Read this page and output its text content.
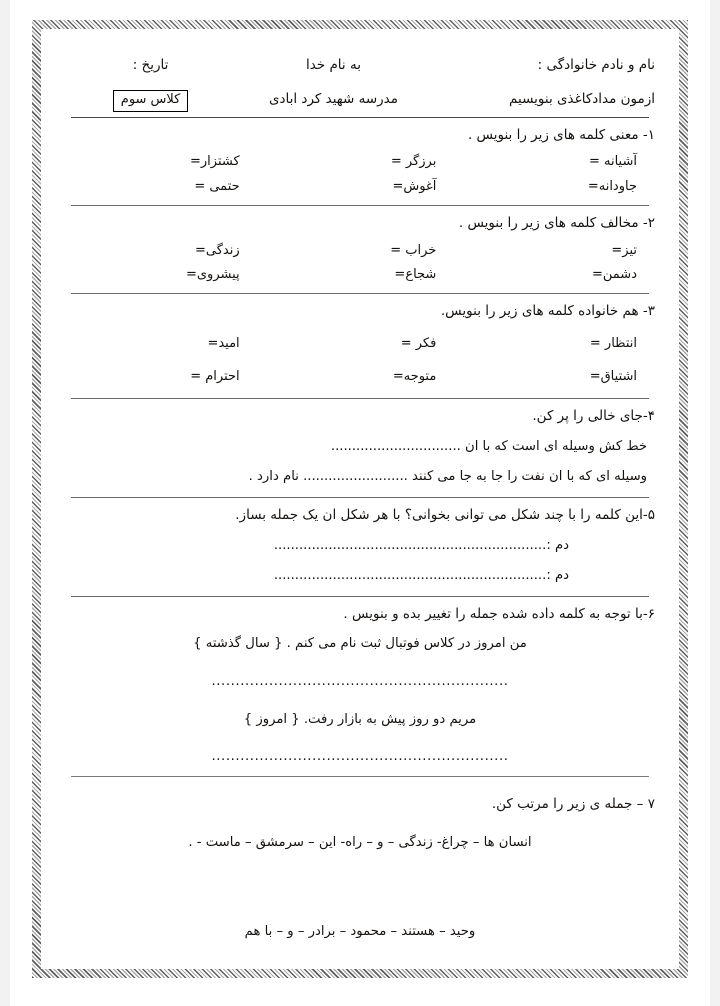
نام و نادم خانوادگی :
به نام خدا
تاریخ :
ازمون مدادکاغذی بنویسیم
مدرسه شهید کرد ابادی
کلاس سوم
١- معنی کلمه های زیر را بنویس .
آشیانه =
برزگر =
کشتزار=
جاودانه=
آغوش=
حتمی =
٢- مخالف کلمه های زیر را بنویس .
تیز=
خراب =
زندگی=
دشمن=
شجاع=
پیشروی=
٣- هم خانواده کلمه های زیر را بنویس.
انتظار =
فکر =
امید=
اشتیاق=
متوجه=
احترام =
۴-جای خالی را پر کن.
خط کش وسیله ای است که با ان ...............................
وسیله ای که با ان نفت را جا به جا می کنند ......................... نام دارد .
۵-این کلمه را با چند شکل می توانی بخوانی؟ با هر شکل ان یک جمله بساز.
دم :.................................................................
دم :.................................................................
۶-با توجه به کلمه داده شده جمله را تغییر بده و بنویس .
من امروز در کلاس فوتبال ثبت نام می کنم . { سال گذشته }
..............................................................
مریم دو روز پیش به بازار رفت. { امروز }
..............................................................
٧ – جمله ی زیر را مرتب کن.
انسان ها – چراغ- زندگی – و – راه- این – سرمشق – ماست - .
وحید – هستند – محمود – برادر – و – با هم
